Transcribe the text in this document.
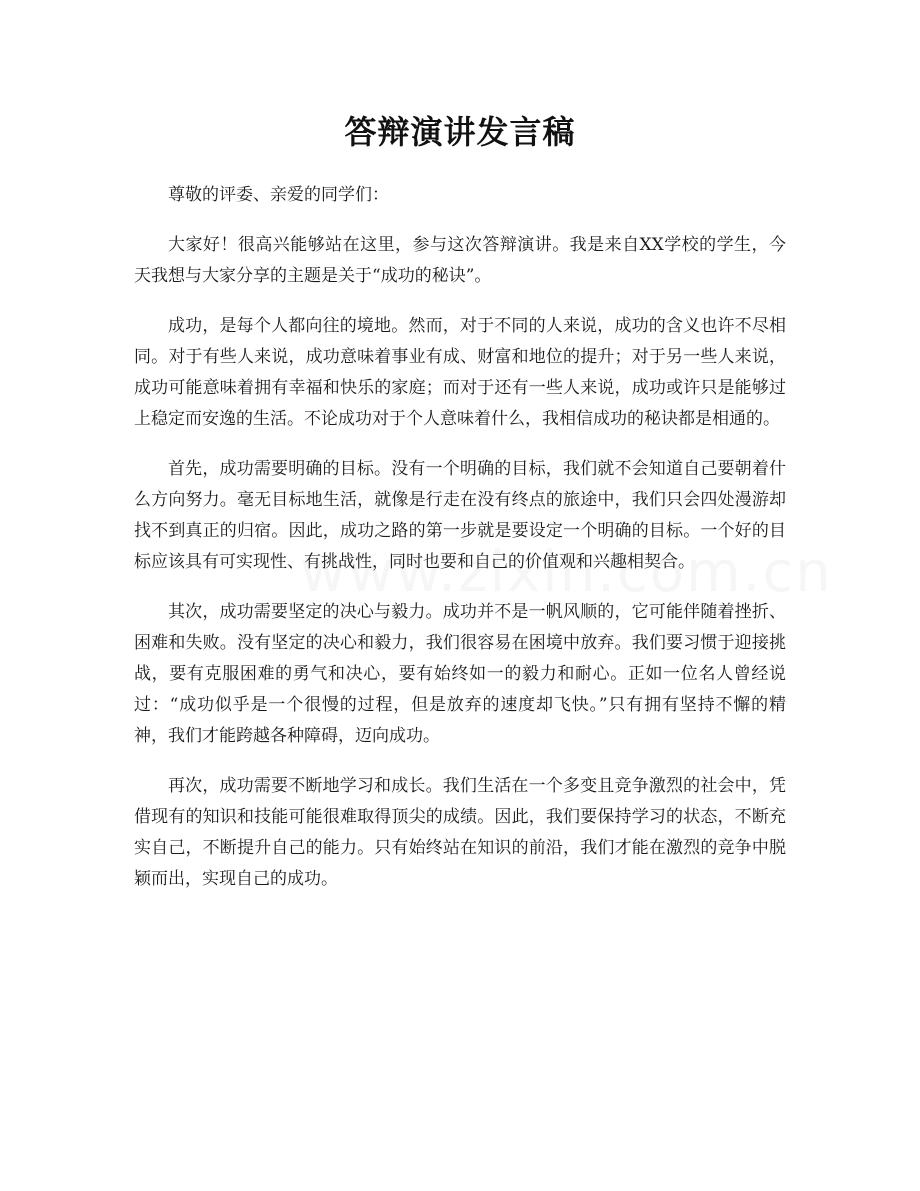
答辩演讲发言稿

尊敬的评委、亲爱的同学们：

大家好！很高兴能够站在这里，参与这次答辩演讲。我是来自XX学校的学生，今天我想与大家分享的主题是关于“成功的秘诀”。

成功，是每个人都向往的境地。然而，对于不同的人来说，成功的含义也许不尽相同。对于有些人来说，成功意味着事业有成、财富和地位的提升；对于另一些人来说，成功可能意味着拥有幸福和快乐的家庭；而对于还有一些人来说，成功或许只是能够过上稳定而安逸的生活。不论成功对于个人意味着什么，我相信成功的秘诀都是相通的。

首先，成功需要明确的目标。没有一个明确的目标，我们就不会知道自己要朝着什么方向努力。毫无目标地生活，就像是行走在没有终点的旅途中，我们只会四处漫游却找不到真正的归宿。因此，成功之路的第一步就是要设定一个明确的目标。一个好的目标应该具有可实现性、有挑战性，同时也要和自己的价值观和兴趣相契合。

其次，成功需要坚定的决心与毅力。成功并不是一帆风顺的，它可能伴随着挫折、困难和失败。没有坚定的决心和毅力，我们很容易在困境中放弃。我们要习惯于迎接挑战，要有克服困难的勇气和决心，要有始终如一的毅力和耐心。正如一位名人曾经说过：“成功似乎是一个很慢的过程，但是放弃的速度却飞快。”只有拥有坚持不懈的精神，我们才能跨越各种障碍，迈向成功。

再次，成功需要不断地学习和成长。我们生活在一个多变且竞争激烈的社会中，凭借现有的知识和技能可能很难取得顶尖的成绩。因此，我们要保持学习的状态，不断充实自己，不断提升自己的能力。只有始终站在知识的前沿，我们才能在激烈的竞争中脱颖而出，实现自己的成功。
